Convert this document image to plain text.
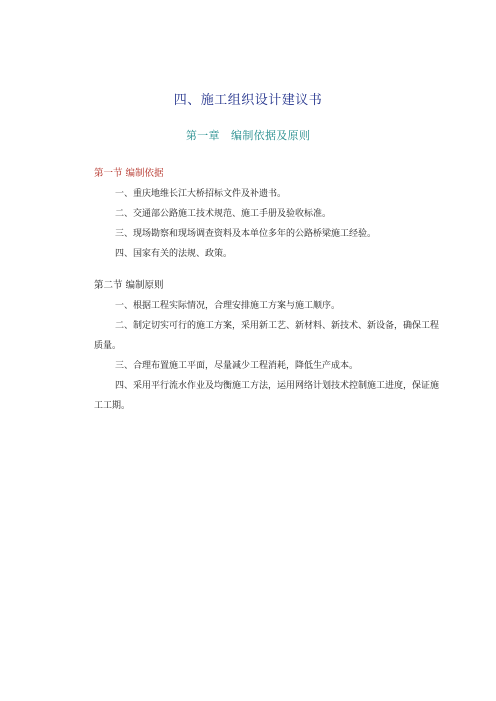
四、施工组织设计建议书
第一章　编制依据及原则
第一节 编制依据

一、重庆地维长江大桥招标文件及补遗书。

二、交通部公路施工技术规范、施工手册及验收标准。

三、现场勘察和现场调查资料及本单位多年的公路桥梁施工经验。

四、国家有关的法规、政策。

第二节 编制原则

一、根据工程实际情况，合理安排施工方案与施工顺序。

二、制定切实可行的施工方案，采用新工艺、新材料、新技术、新设备，确保工程质量。

三、合理布置施工平面，尽量减少工程消耗，降低生产成本。

四、采用平行流水作业及均衡施工方法，运用网络计划技术控制施工进度，保证施工工期。
